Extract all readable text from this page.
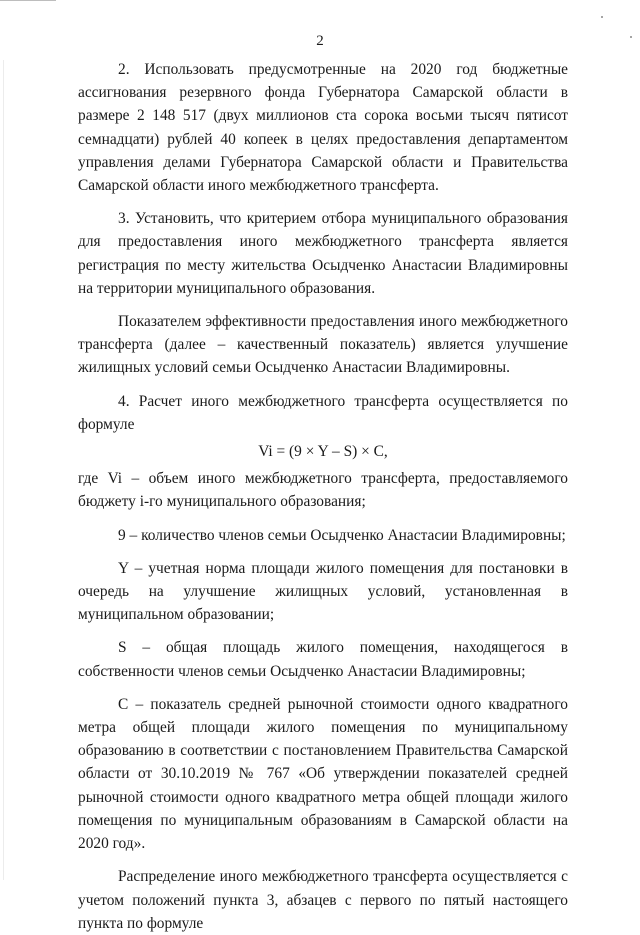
2

2. Использовать предусмотренные на 2020 год бюджетные ассигнования резервного фонда Губернатора Самарской области в размере 2 148 517 (двух миллионов ста сорока восьми тысяч пятисот семнадцати) рублей 40 копеек в целях предоставления департаментом управления делами Губернатора Самарской области и Правительства Самарской области иного межбюджетного трансферта.

3. Установить, что критерием отбора муниципального образования для предоставления иного межбюджетного трансферта является регистрация по месту жительства Осыдченко Анастасии Владимировны на территории муниципального образования.

Показателем эффективности предоставления иного межбюджетного трансферта (далее – качественный показатель) является улучшение жилищных условий семьи Осыдченко Анастасии Владимировны.

4. Расчет иного межбюджетного трансферта осуществляется по формуле

Vi = (9 × Y – S) × C,

где Vi – объем иного межбюджетного трансферта, предоставляемого бюджету i-го муниципального образования;

9 – количество членов семьи Осыдченко Анастасии Владимировны;

Y – учетная норма площади жилого помещения для постановки в очередь на улучшение жилищных условий, установленная в муниципальном образовании;

S – общая площадь жилого помещения, находящегося в собственности членов семьи Осыдченко Анастасии Владимировны;

C – показатель средней рыночной стоимости одного квадратного метра общей площади жилого помещения по муниципальному образованию в соответствии с постановлением Правительства Самарской области от 30.10.2019 № 767 «Об утверждении показателей средней рыночной стоимости одного квадратного метра общей площади жилого помещения по муниципальным образованиям в Самарской области на 2020 год».

Распределение иного межбюджетного трансферта осуществляется с учетом положений пункта 3, абзацев с первого по пятый настоящего пункта по формуле
